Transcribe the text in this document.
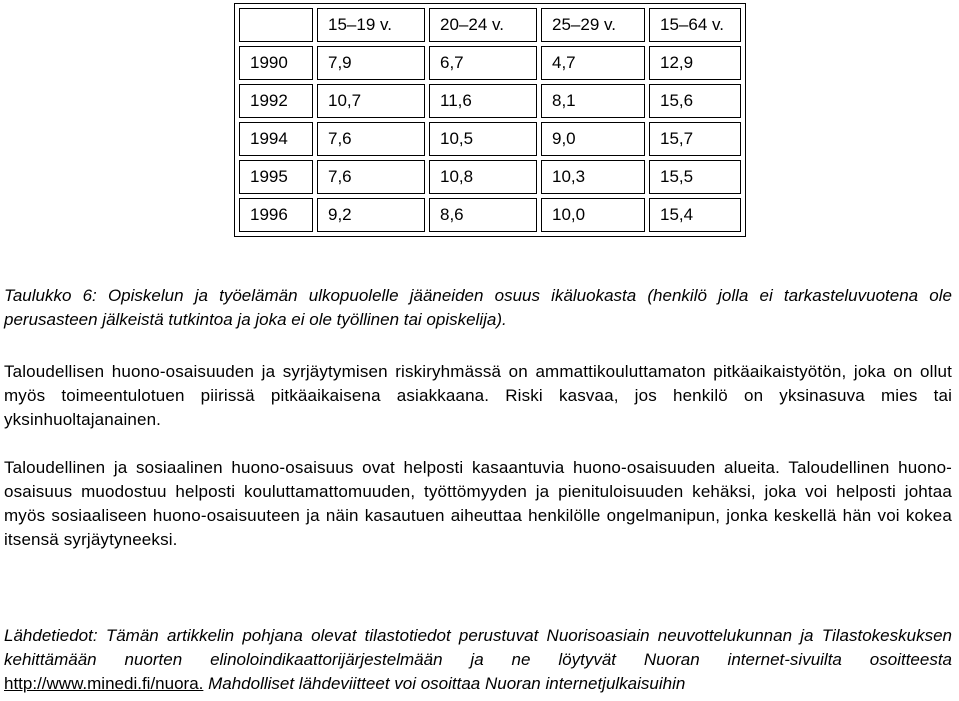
	15–19 v.	20–24 v.	25–29 v.	15–64 v.
1990	7,9	6,7	4,7	12,9
1992	10,7	11,6	8,1	15,6
1994	7,6	10,5	9,0	15,7
1995	7,6	10,8	10,3	15,5
1996	9,2	8,6	10,0	15,4
Taulukko 6: Opiskelun ja työelämän ulkopuolelle jääneiden osuus ikäluokasta (henkilö jolla ei tarkasteluvuotena ole perusasteen jälkeistä tutkintoa ja joka ei ole työllinen tai opiskelija).
Taloudellisen huono-osaisuuden ja syrjäytymisen riskiryhmässä on ammattikouluttamaton pitkäaikaistyötön, joka on ollut myös toimeentulotuen piirissä pitkäaikaisena asiakkaana. Riski kasvaa, jos henkilö on yksinasuva mies tai yksinhuoltajanainen.
Taloudellinen ja sosiaalinen huono-osaisuus ovat helposti kasaantuvia huono-osaisuuden alueita. Taloudellinen huono-osaisuus muodostuu helposti kouluttamattomuuden, työttömyyden ja pienituloisuuden kehäksi, joka voi helposti johtaa myös sosiaaliseen huono-osaisuuteen ja näin kasautuen aiheuttaa henkilölle ongelmanipun, jonka keskellä hän voi kokea itsensä syrjäytyneeksi.
Lähdetiedot: Tämän artikkelin pohjana olevat tilastotiedot perustuvat Nuorisoasiain neuvottelukunnan ja Tilastokeskuksen kehittämään nuorten elinoloindikaattorijärjestelmään ja ne löytyvät Nuoran internet-sivuilta osoitteesta http://www.minedi.fi/nuora. Mahdolliset lähdeviitteet voi osoittaa Nuoran internetjulkaisuihin
